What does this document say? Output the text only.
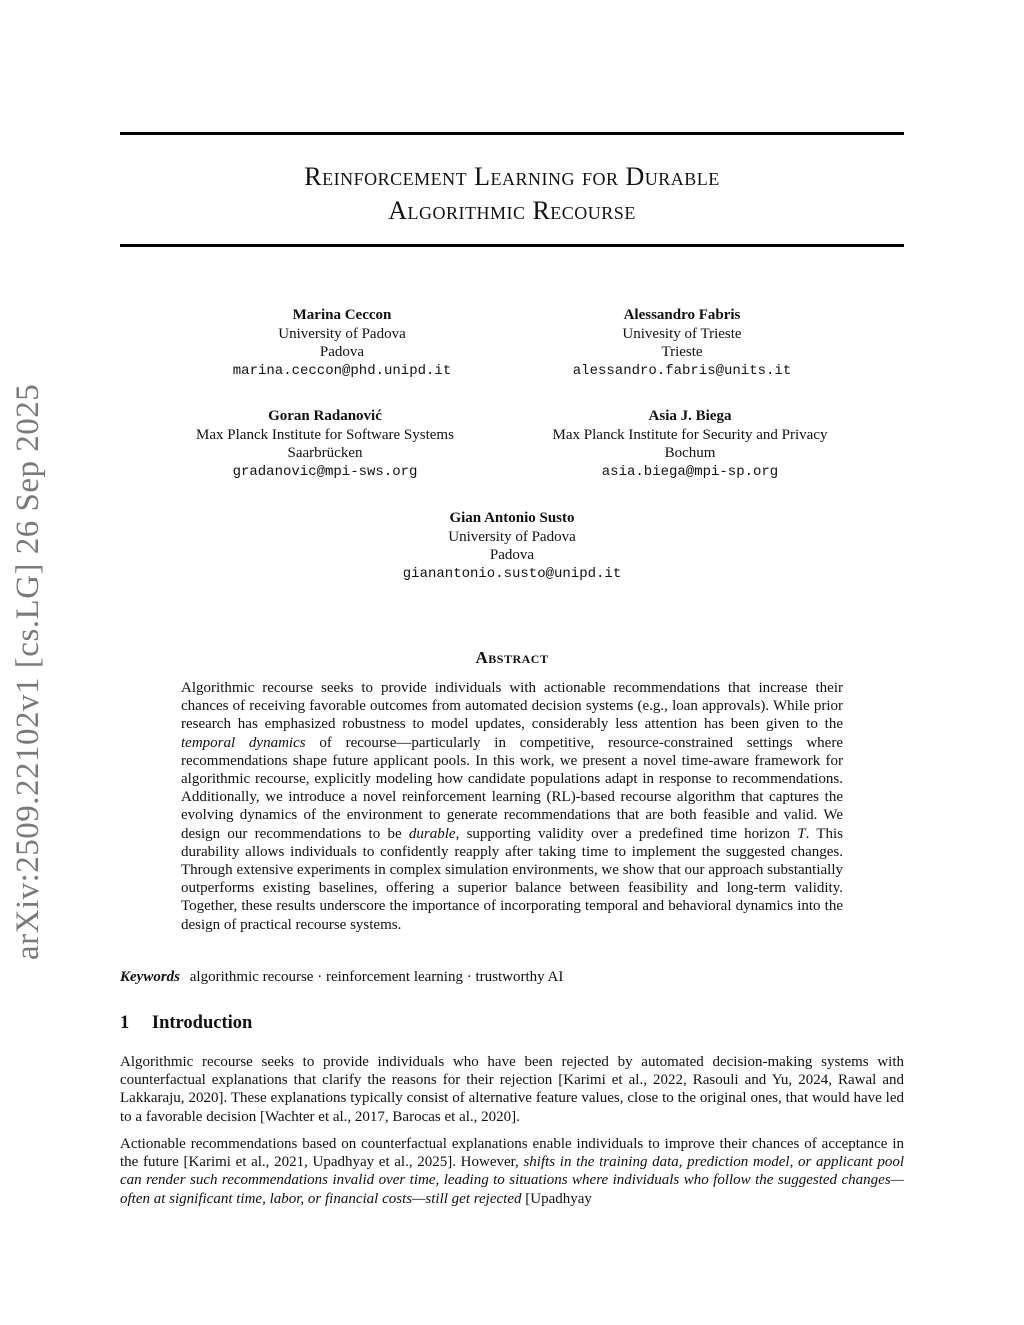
arXiv:2509.22102v1 [cs.LG] 26 Sep 2025
Reinforcement Learning for Durable
Algorithmic Recourse
Marina Ceccon
University of Padova
Padova
marina.ceccon@phd.unipd.it
Alessandro Fabris
Univesity of Trieste
Trieste
alessandro.fabris@units.it
Goran Radanović
Max Planck Institute for Software Systems
Saarbrücken
gradanovic@mpi-sws.org
Asia J. Biega
Max Planck Institute for Security and Privacy
Bochum
asia.biega@mpi-sp.org
Gian Antonio Susto
University of Padova
Padova
gianantonio.susto@unipd.it
Abstract
Algorithmic recourse seeks to provide individuals with actionable recommendations that increase their chances of receiving favorable outcomes from automated decision systems (e.g., loan approvals). While prior research has emphasized robustness to model updates, considerably less attention has been given to the temporal dynamics of recourse—particularly in competitive, resource-constrained settings where recommendations shape future applicant pools. In this work, we present a novel time-aware framework for algorithmic recourse, explicitly modeling how candidate populations adapt in response to recommendations. Additionally, we introduce a novel reinforcement learning (RL)-based recourse algorithm that captures the evolving dynamics of the environment to generate recommendations that are both feasible and valid. We design our recommendations to be durable, supporting validity over a predefined time horizon T. This durability allows individuals to confidently reapply after taking time to implement the suggested changes. Through extensive experiments in complex simulation environments, we show that our approach substantially outperforms existing baselines, offering a superior balance between feasibility and long-term validity. Together, these results underscore the importance of incorporating temporal and behavioral dynamics into the design of practical recourse systems.
Keywords algorithmic recourse · reinforcement learning · trustworthy AI
1 Introduction
Algorithmic recourse seeks to provide individuals who have been rejected by automated decision-making systems with counterfactual explanations that clarify the reasons for their rejection [Karimi et al., 2022, Rasouli and Yu, 2024, Rawal and Lakkaraju, 2020]. These explanations typically consist of alternative feature values, close to the original ones, that would have led to a favorable decision [Wachter et al., 2017, Barocas et al., 2020].
Actionable recommendations based on counterfactual explanations enable individuals to improve their chances of acceptance in the future [Karimi et al., 2021, Upadhyay et al., 2025]. However, shifts in the training data, prediction model, or applicant pool can render such recommendations invalid over time, leading to situations where individuals who follow the suggested changes—often at significant time, labor, or financial costs—still get rejected [Upadhyay
